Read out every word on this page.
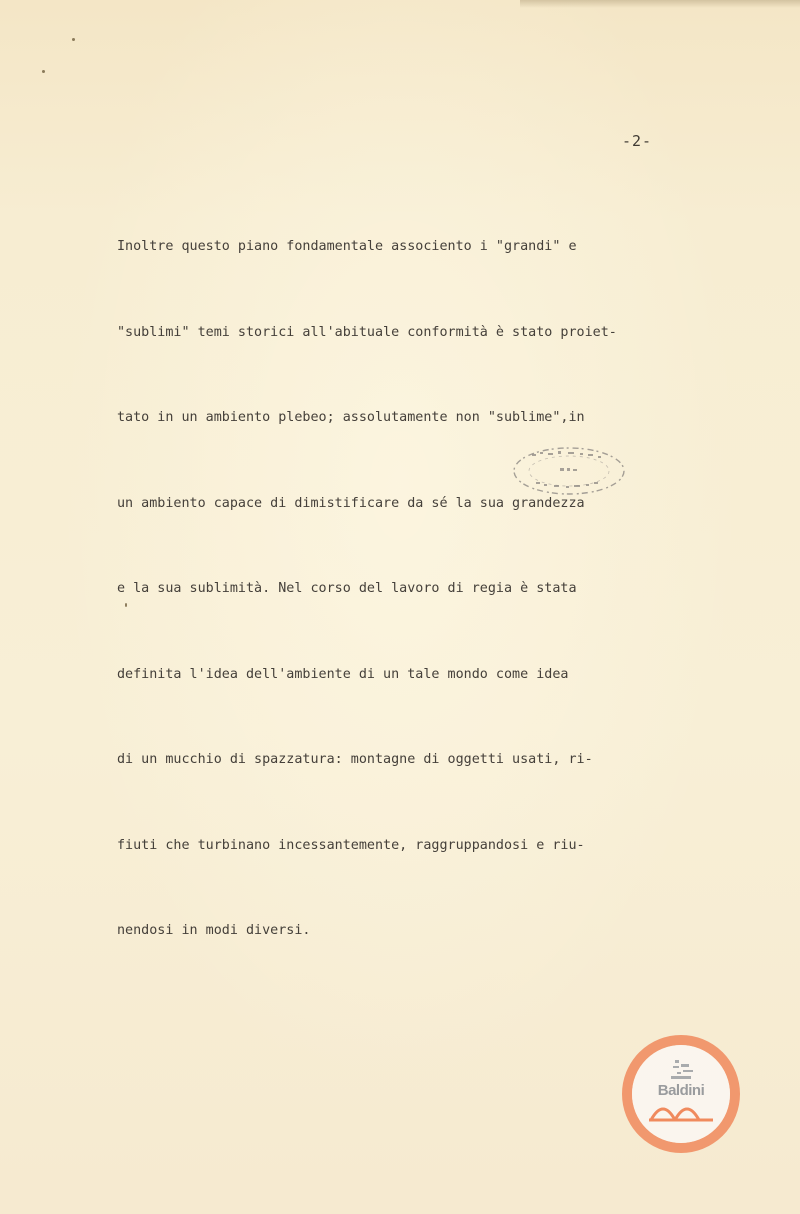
-2-

Inoltre questo piano fondamentale associento i "grandi" e

"sublimi" temi storici all'abituale conformità è stato proiet-

tato in un ambiento plebeo; assolutamente non "sublime",in

un ambiento capace di dimistificare da sé la sua grandezza

e la sua sublimità. Nel corso del lavoro di regia è stata

definita l'idea dell'ambiente di un tale mondo come idea

di un mucchio di spazzatura: montagne di oggetti usati, ri-

fiuti che turbinano incessantemente, raggruppandosi e riu-

nendosi in modi diversi.

Baldini
